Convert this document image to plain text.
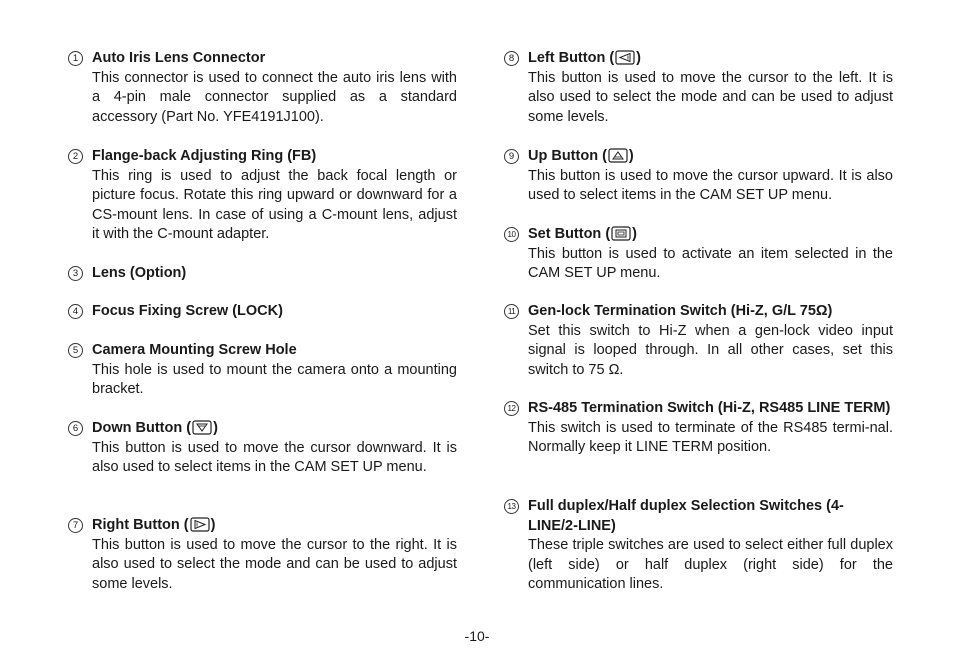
1 Auto Iris Lens Connector
This connector is used to connect the auto iris lens with a 4-pin male connector supplied as a standard accessory (Part No. YFE4191J100).
2 Flange-back Adjusting Ring (FB)
This ring is used to adjust the back focal length or picture focus. Rotate this ring upward or downward for a CS-mount lens. In case of using a C-mount lens, adjust it with the C-mount adapter.
3 Lens (Option)
4 Focus Fixing Screw (LOCK)
5 Camera Mounting Screw Hole
This hole is used to mount the camera onto a mounting bracket.
6 Down Button ( )
This button is used to move the cursor downward. It is also used to select items in the CAM SET UP menu.
7 Right Button ( )
This button is used to move the cursor to the right. It is also used to select the mode and can be used to adjust some levels.
8 Left Button ( )
This button is used to move the cursor to the left. It is also used to select the mode and can be used to adjust some levels.
9 Up Button ( )
This button is used to move the cursor upward. It is also used to select items in the CAM SET UP menu.
10 Set Button ( )
This button is used to activate an item selected in the CAM SET UP menu.
11 Gen-lock Termination Switch (Hi-Z, G/L 75Ω)
Set this switch to Hi-Z when a gen-lock video input signal is looped through. In all other cases, set this switch to 75 Ω.
12 RS-485 Termination Switch (Hi-Z, RS485 LINE TERM)
This switch is used to terminate of the RS485 termi-nal. Normally keep it LINE TERM position.
13 Full duplex/Half duplex Selection Switches (4-LINE/2-LINE)
These triple switches are used to select either full duplex (left side) or half duplex (right side) for the communication lines.
-10-
